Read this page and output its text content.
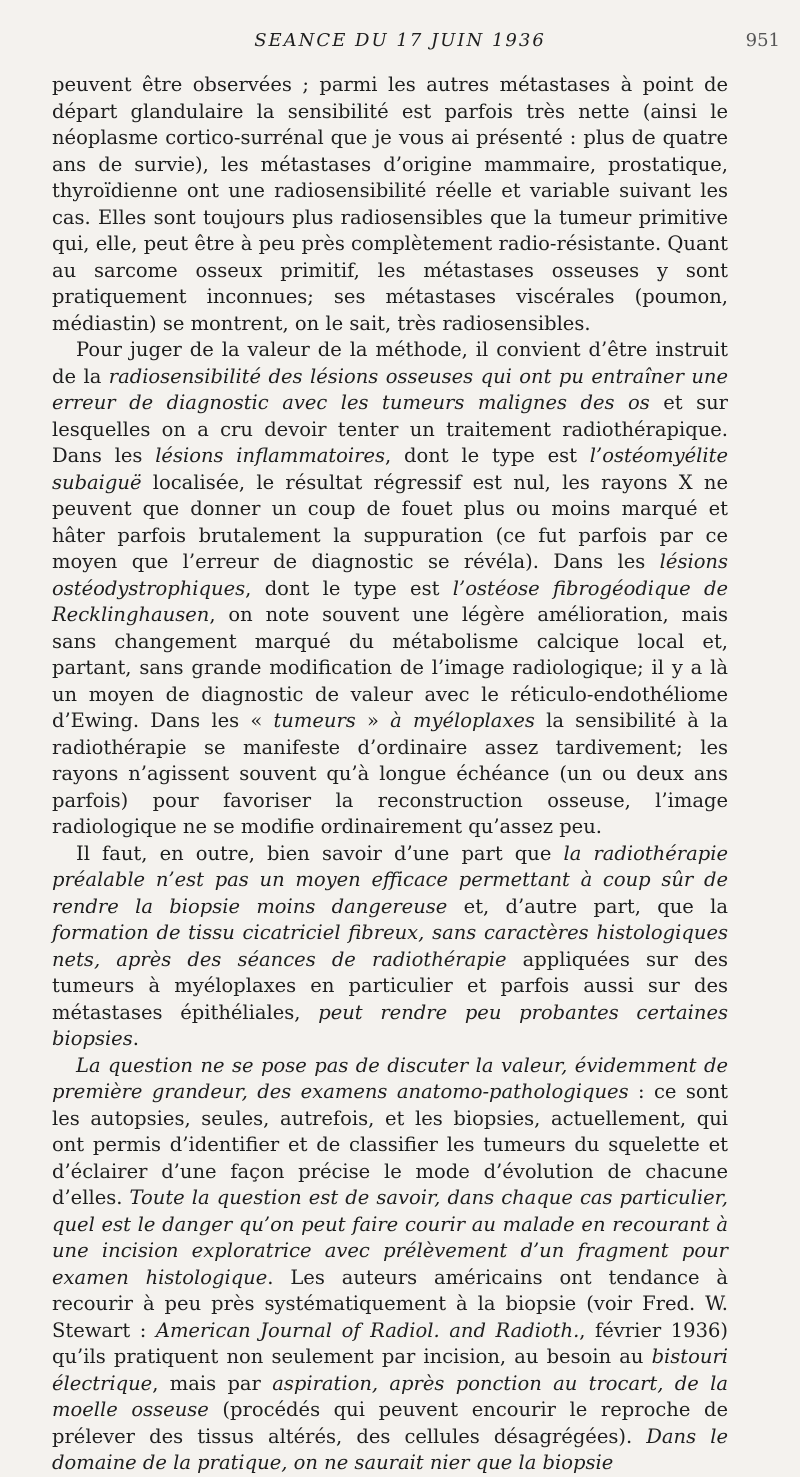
SEANCE DU 17 JUIN 1936	951

peuvent être observées ; parmi les autres métastases à point de départ glandulaire la sensibilité est parfois très nette (ainsi le néoplasme cortico-surrénal que je vous ai présenté : plus de quatre ans de survie), les métastases d’origine mammaire, prostatique, thyroïdienne ont une radiosensibilité réelle et variable suivant les cas. Elles sont toujours plus radiosensibles que la tumeur primitive qui, elle, peut être à peu près complètement radio-résistante. Quant au sarcome osseux primitif, les métastases osseuses y sont pratiquement inconnues; ses métastases viscérales (poumon, médiastin) se montrent, on le sait, très radiosensibles.

Pour juger de la valeur de la méthode, il convient d’être instruit de la radiosensibilité des lésions osseuses qui ont pu entraîner une erreur de diagnostic avec les tumeurs malignes des os et sur lesquelles on a cru devoir tenter un traitement radiothérapique. Dans les lésions inflammatoires, dont le type est l’ostéomyélite subaiguë localisée, le résultat régressif est nul, les rayons X ne peuvent que donner un coup de fouet plus ou moins marqué et hâter parfois brutalement la suppuration (ce fut parfois par ce moyen que l’erreur de diagnostic se révéla). Dans les lésions ostéodystrophiques, dont le type est l’ostéose fibrogéodique de Recklinghausen, on note souvent une légère amélioration, mais sans changement marqué du métabolisme calcique local et, partant, sans grande modification de l’image radiologique; il y a là un moyen de diagnostic de valeur avec le réticulo-endothéliome d’Ewing. Dans les « tumeurs » à myéloplaxes la sensibilité à la radiothérapie se manifeste d’ordinaire assez tardivement; les rayons n’agissent souvent qu’à longue échéance (un ou deux ans parfois) pour favoriser la reconstruction osseuse, l’image radiologique ne se modifie ordinairement qu’assez peu.

Il faut, en outre, bien savoir d’une part que la radiothérapie préalable n’est pas un moyen efficace permettant à coup sûr de rendre la biopsie moins dangereuse et, d’autre part, que la formation de tissu cicatriciel fibreux, sans caractères histologiques nets, après des séances de radiothérapie appliquées sur des tumeurs à myéloplaxes en particulier et parfois aussi sur des métastases épithéliales, peut rendre peu probantes certaines biopsies.

La question ne se pose pas de discuter la valeur, évidemment de première grandeur, des examens anatomo-pathologiques : ce sont les autopsies, seules, autrefois, et les biopsies, actuellement, qui ont permis d’identifier et de classifier les tumeurs du squelette et d’éclairer d’une façon précise le mode d’évolution de chacune d’elles. Toute la question est de savoir, dans chaque cas particulier, quel est le danger qu’on peut faire courir au malade en recourant à une incision exploratrice avec prélèvement d’un fragment pour examen histologique. Les auteurs américains ont tendance à recourir à peu près systématiquement à la biopsie (voir Fred. W. Stewart : American Journal of Radiol. and Radioth., février 1936) qu’ils pratiquent non seulement par incision, au besoin au bistouri électrique, mais par aspiration, après ponction au trocart, de la moelle osseuse (procédés qui peuvent encourir le reproche de prélever des tissus altérés, des cellules désagrégées). Dans le domaine de la pratique, on ne saurait nier que la biopsie
